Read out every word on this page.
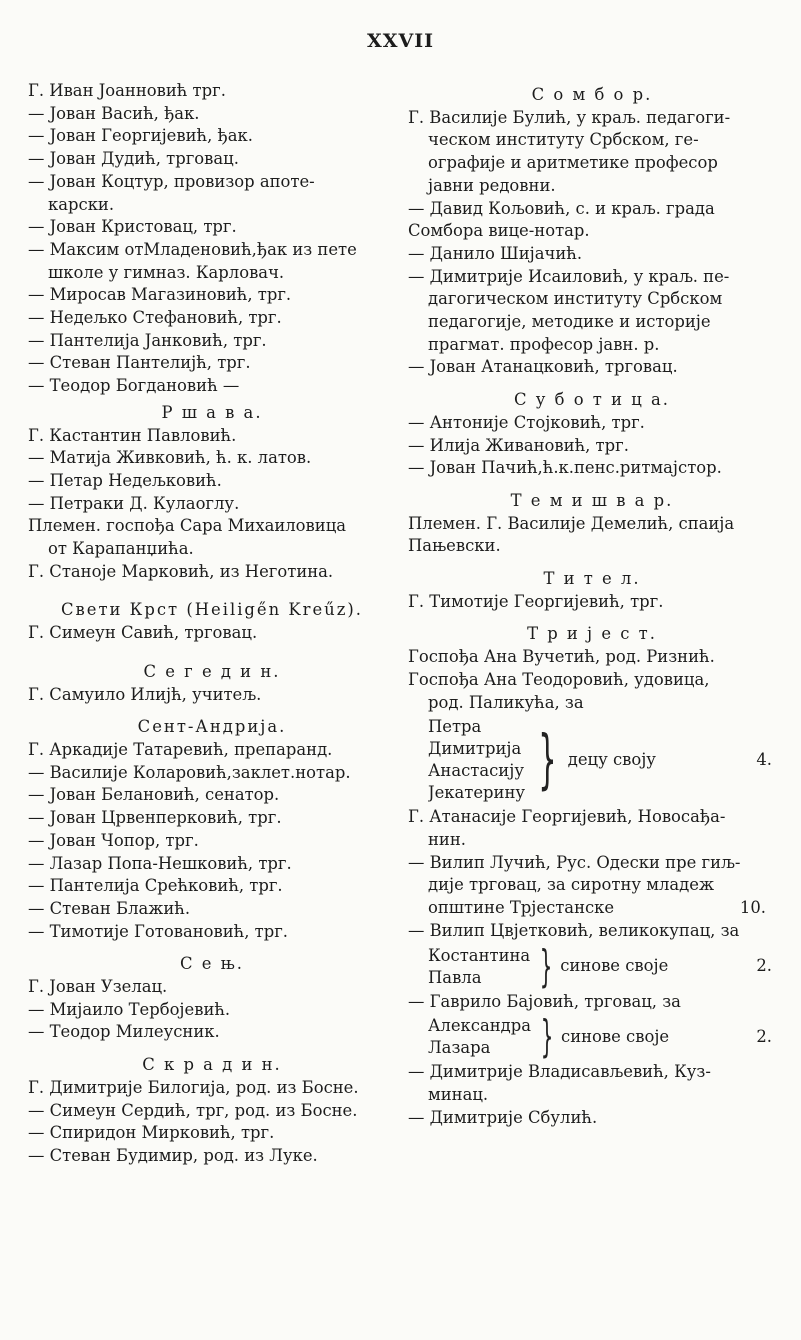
XXVII
Г. Иван Јоанновић трг.
— Јован Васић, ђак.
— Јован Георгијевић, ђак.
— Јован Дудић, трговац.
— Јован Коцтур, провизор апоте-
карски.
— Јован Кристовац, трг.
— Максим отМладеновић,ђак из пете
школе у гимназ. Карловач.
— Миросав Магазиновић, трг.
— Недељко Стефановић, трг.
— Пантелија Јанковић, трг.
— Стеван Пантелијћ, трг.
— Теодор Богдановић —
Р ш а в а.
Г. Кастантин Павловић.
— Матија Живковић, ћ. к. латов.
— Петар Недељковић.
— Петраки Д. Кулаоглу.
Племен. госпођа Сара Михаиловица
от Карапанџића.
Г. Станоје Марковић, из Неготина.
Свети Крст (Heilige̋n Kreűz).
Г. Симеун Савић, трговац.
С е г е д и н.
Г. Самуило Илијћ, учитељ.
Сент-Андрија.
Г. Аркадије Татаревић, препаранд.
— Василије Коларовић,заклет.нотар.
— Јован Белановић, сенатор.
— Јован Црвенперковић, трг.
— Јован Чопор, трг.
— Лазар Попа-Нешковић, трг.
— Пантелија Срећковић, трг.
— Стеван Блажић.
— Тимотије Готовановић, трг.
С е њ.
Г. Јован Узелац.
— Мијаило Тербојевић.
— Теодор Милеусник.
С к р а д и н.
Г. Димитрије Билогија, род. из Босне.
— Симеун Сердић, трг, род. из Босне.
— Спиридон Мирковић, трг.
— Стеван Будимир, род. из Луке.
С о м б о р.
Г. Василије Булић, у краљ. педагоги-
ческом институту Србском, ге-
ографије и аритметике професор
јавни редовни.
— Давид Кољовић, с. и краљ. града
Сомбора вице-нотар.
— Данило Шијачић.
— Димитрије Исаиловић, у краљ. пе-
дагогическом институту Србском
педагогије, методике и историје
прагмат. професор јавн. р.
— Јован Атанацковић, трговац.
С у б о т и ц а.
— Антоније Стојковић, трг.
— Илија Живановић, трг.
— Јован Пачић,ћ.к.пенс.ритмајстор.
Т е м и ш в а р.
Племен. Г. Василије Демелић, спаија
Пањевски.
Т и т е л.
Г. Тимотије Георгијевић, трг.
Т р и ј е с т.
Госпођа Ана Вучетић, род. Ризнић.
Госпођа Ана Теодоровић, удовица,
род. Паликућа, за
Петра
Димитрија
Анастасију
Јекатерину } децу своју	4.
Г. Атанасије Георгијевић, Новосађа-
нин.
— Вилип Лучић, Рус. Одески пре гиљ-
дије трговац, за сиротну младеж
општине Трјестанске	10.
— Вилип Цвјетковић, великокупац, за
Костантина
Павла	} синове своје	2.
— Гаврило Бајовић, трговац, за
Александра
Лазара	} синове своје	2.
— Димитрије Владисављевић, Куз-
минац.
— Димитрије Сбулић.
